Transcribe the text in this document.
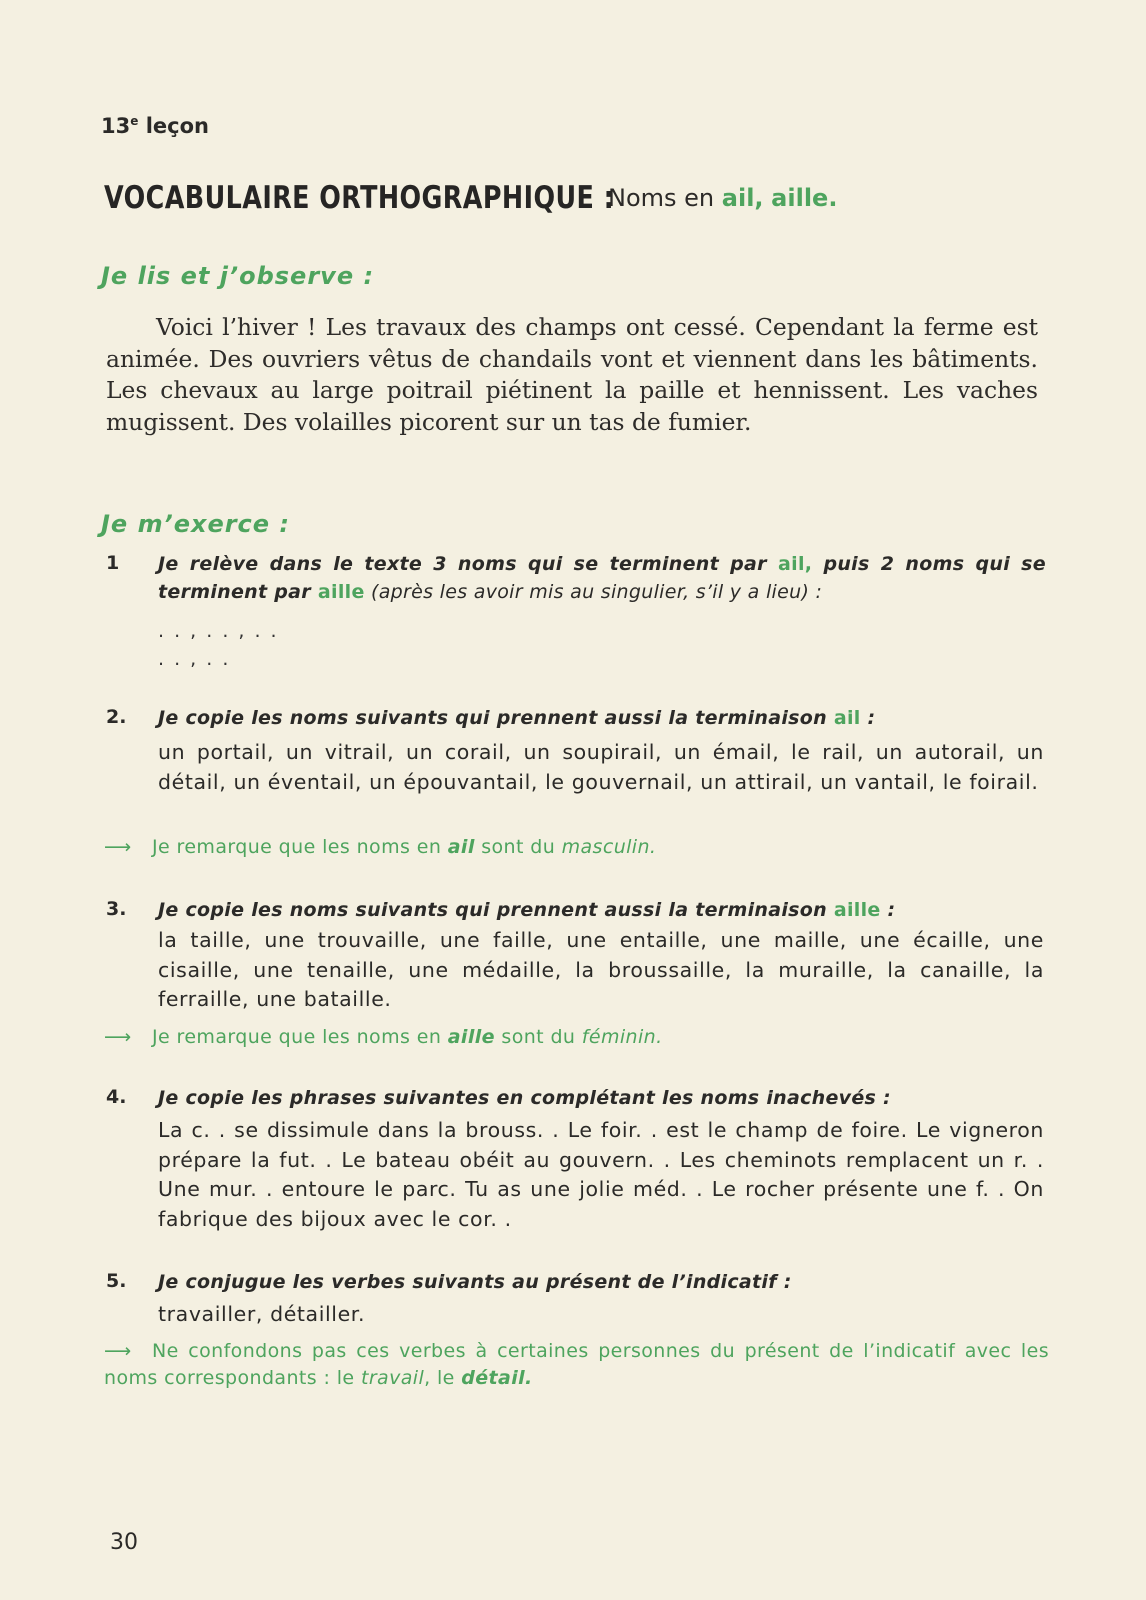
13e leçon
VOCABULAIRE ORTHOGRAPHIQUE :
Noms en ail, aille.
Je lis et j’observe :
Voici l’hiver ! Les travaux des champs ont cessé. Cependant la ferme est animée. Des ouvriers vêtus de chandails vont et viennent dans les bâtiments. Les chevaux au large poitrail piétinent la paille et hennissent. Les vaches mugissent. Des volailles picorent sur un tas de fumier.
Je m’exerce :
1 Je relève dans le texte 3 noms qui se terminent par ail, puis 2 noms qui se terminent par aille (après les avoir mis au singulier, s’il y a lieu) :
. . , . . , . .
. . , . .
2. Je copie les noms suivants qui prennent aussi la terminaison ail :
un portail, un vitrail, un corail, un soupirail, un émail, le rail, un autorail, un détail, un éventail, un épouvantail, le gouvernail, un attirail, un vantail, le foirail.
⟶ Je remarque que les noms en ail sont du masculin.
3. Je copie les noms suivants qui prennent aussi la terminaison aille :
la taille, une trouvaille, une faille, une entaille, une maille, une écaille, une cisaille, une tenaille, une médaille, la broussaille, la muraille, la canaille, la ferraille, une bataille.
⟶ Je remarque que les noms en aille sont du féminin.
4. Je copie les phrases suivantes en complétant les noms inachevés :
La c. . se dissimule dans la brouss. . Le foir. . est le champ de foire. Le vigneron prépare la fut. . Le bateau obéit au gouvern. . Les cheminots remplacent un r. . Une mur. . entoure le parc. Tu as une jolie méd. . Le rocher présente une f. . On fabrique des bijoux avec le cor. .
5. Je conjugue les verbes suivants au présent de l’indicatif :
travailler, détailler.
⟶ Ne confondons pas ces verbes à certaines personnes du présent de l’indicatif avec les noms correspondants : le travail, le détail.
30
